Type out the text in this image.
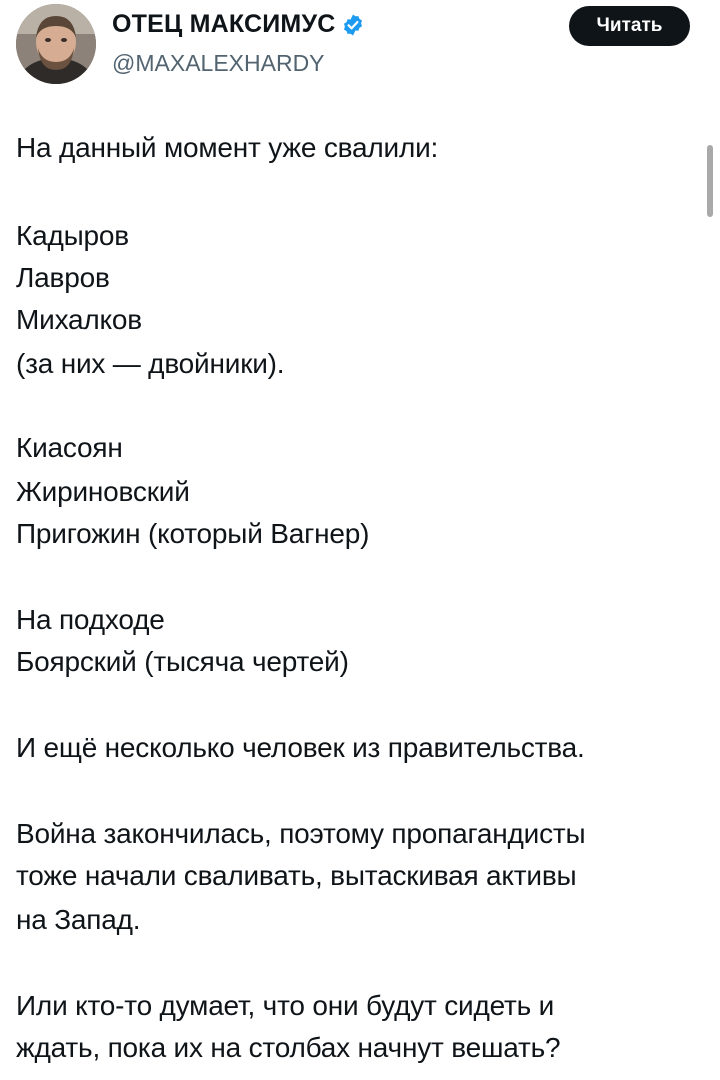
ОТЕЦ МАКСИМУС
@MAXALEXHARDY
Читать
На данный момент уже свалили:
Кадыров
Лавров
Михалков
(за них — двойники).
Киасоян
Жириновский
Пригожин (который Вагнер)
На подходе
Боярский (тысяча чертей)
И ещё несколько человек из правительства.
Война закончилась, поэтому пропагандисты
тоже начали сваливать, вытаскивая активы
на Запад.
Или кто-то думает, что они будут сидеть и
ждать, пока их на столбах начнут вешать?
